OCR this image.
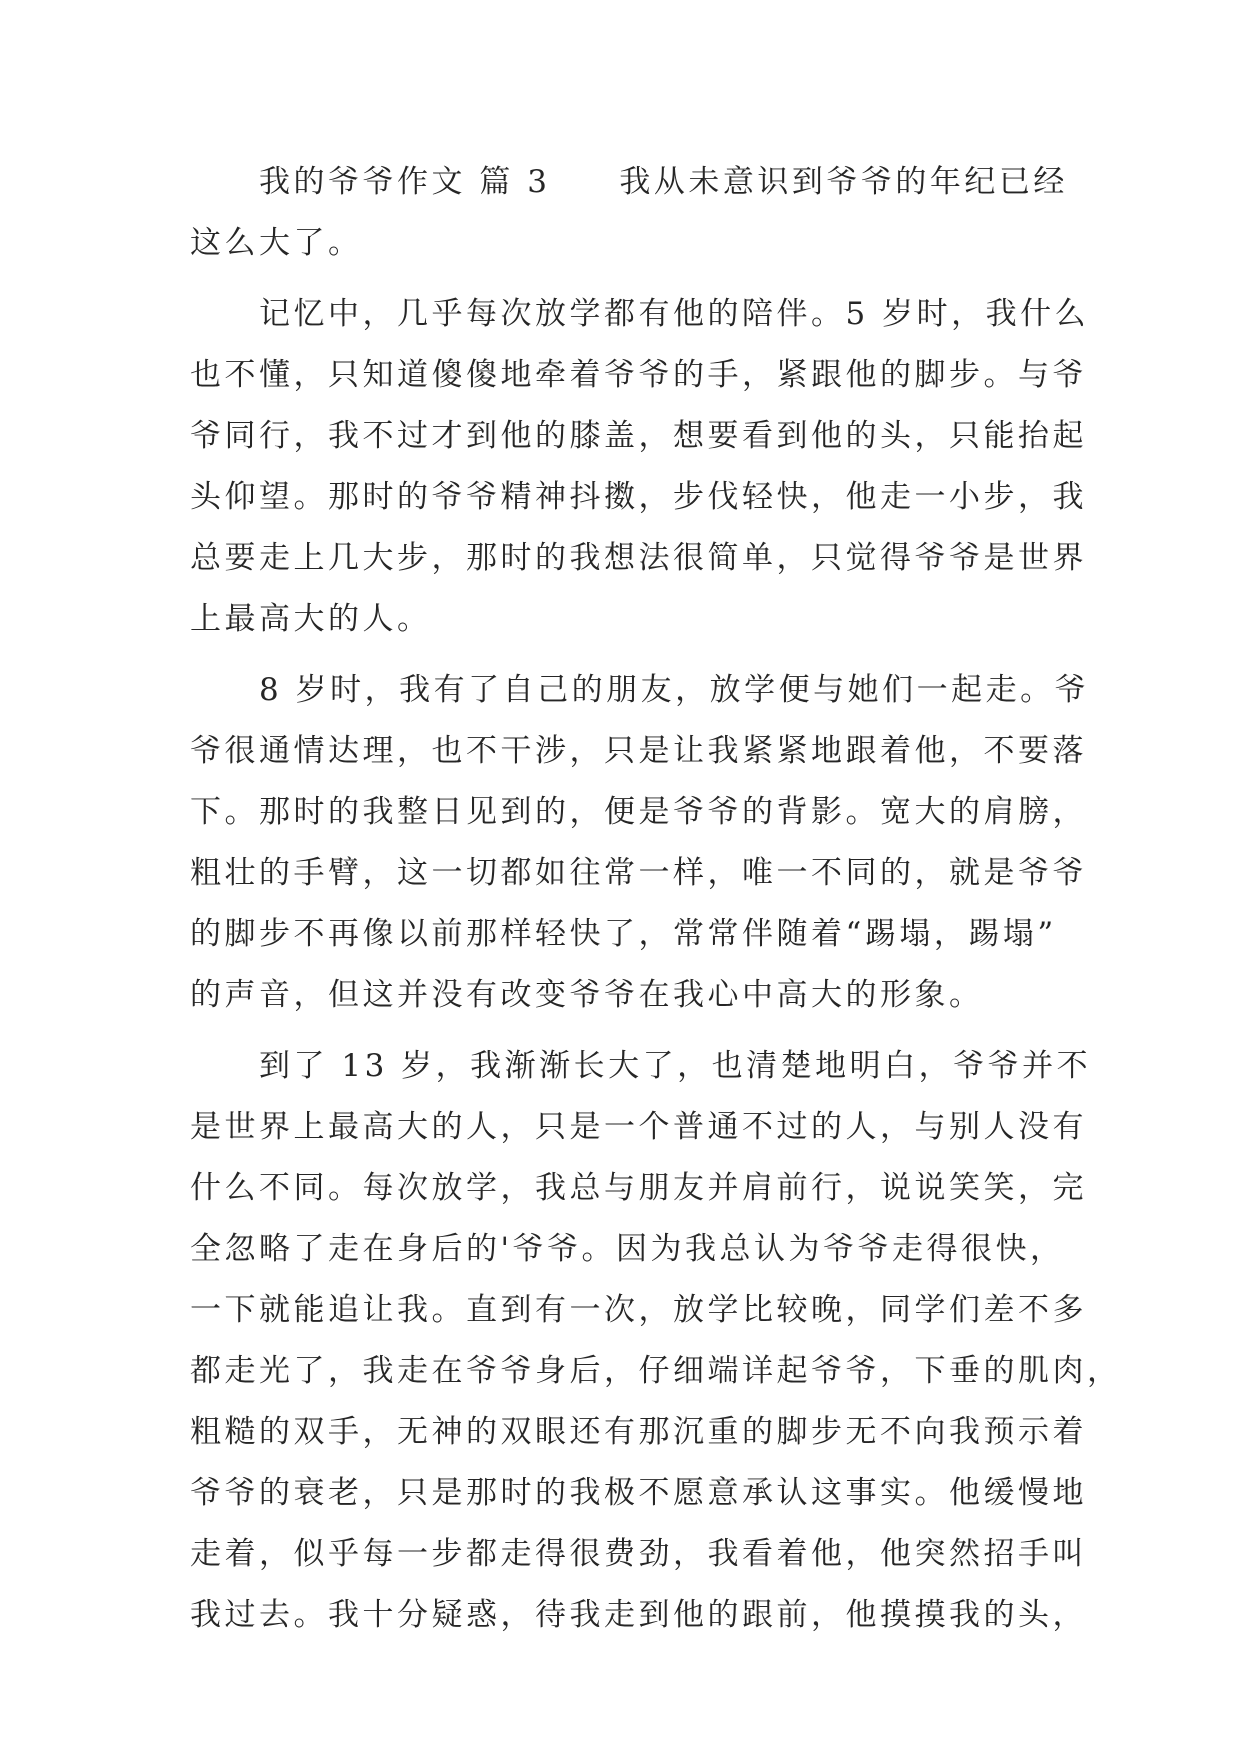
　　我的爷爷作文 篇 3　　我从未意识到爷爷的年纪已经
这么大了。
　　记忆中，几乎每次放学都有他的陪伴。5 岁时，我什么
也不懂，只知道傻傻地牵着爷爷的手，紧跟他的脚步。与爷
爷同行，我不过才到他的膝盖，想要看到他的头，只能抬起
头仰望。那时的爷爷精神抖擞，步伐轻快，他走一小步，我
总要走上几大步，那时的我想法很简单，只觉得爷爷是世界
上最高大的人。
　　8 岁时，我有了自己的朋友，放学便与她们一起走。爷
爷很通情达理，也不干涉，只是让我紧紧地跟着他，不要落
下。那时的我整日见到的，便是爷爷的背影。宽大的肩膀，
粗壮的手臂，这一切都如往常一样，唯一不同的，就是爷爷
的脚步不再像以前那样轻快了，常常伴随着“踢塌，踢塌”
的声音，但这并没有改变爷爷在我心中高大的形象。
　　到了 13 岁，我渐渐长大了，也清楚地明白，爷爷并不
是世界上最高大的人，只是一个普通不过的人，与别人没有
什么不同。每次放学，我总与朋友并肩前行，说说笑笑，完
全忽略了走在身后的'爷爷。因为我总认为爷爷走得很快，
一下就能追让我。直到有一次，放学比较晚，同学们差不多
都走光了，我走在爷爷身后，仔细端详起爷爷，下垂的肌肉，
粗糙的双手，无神的双眼还有那沉重的脚步无不向我预示着
爷爷的衰老，只是那时的我极不愿意承认这事实。他缓慢地
走着，似乎每一步都走得很费劲，我看着他，他突然招手叫
我过去。我十分疑惑，待我走到他的跟前，他摸摸我的头，
